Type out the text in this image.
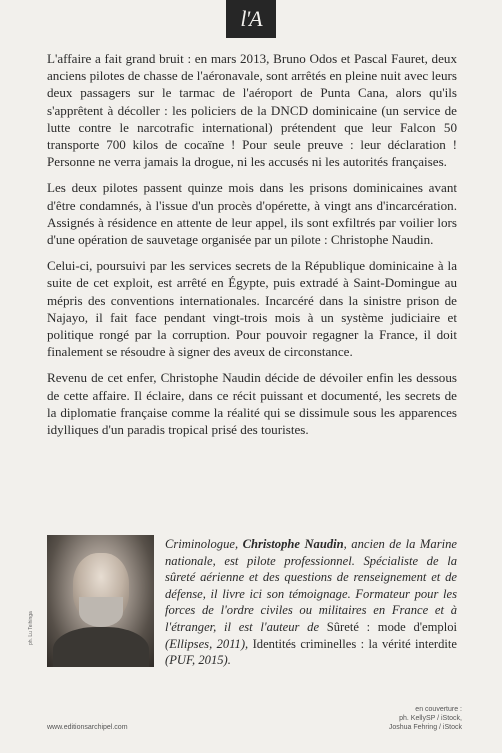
l'A

L'affaire a fait grand bruit : en mars 2013, Bruno Odos et Pascal Fauret, deux anciens pilotes de chasse de l'aéronavale, sont arrêtés en pleine nuit avec leurs deux passagers sur le tarmac de l'aéroport de Punta Cana, alors qu'ils s'apprêtent à décoller : les policiers de la DNCD dominicaine (un service de lutte contre le narcotrafic international) prétendent que leur Falcon 50 transporte 700 kilos de cocaïne ! Pour seule preuve : leur déclaration ! Personne ne verra jamais la drogue, ni les accusés ni les autorités françaises.

Les deux pilotes passent quinze mois dans les prisons dominicaines avant d'être condamnés, à l'issue d'un procès d'opérette, à vingt ans d'incarcération. Assignés à résidence en attente de leur appel, ils sont exfiltrés par voilier lors d'une opération de sauvetage organisée par un pilote : Christophe Naudin.

Celui-ci, poursuivi par les services secrets de la République dominicaine à la suite de cet exploit, est arrêté en Égypte, puis extradé à Saint-Domingue au mépris des conventions internationales. Incarcéré dans la sinistre prison de Najayo, il fait face pendant vingt-trois mois à un système judiciaire et politique rongé par la corruption. Pour pouvoir regagner la France, il doit finalement se résoudre à signer des aveux de circonstance.

Revenu de cet enfer, Christophe Naudin décide de dévoiler enfin les dessous de cette affaire. Il éclaire, dans ce récit puissant et documenté, les secrets de la diplomatie française comme la réalité qui se dissimule sous les apparences idylliques d'un paradis tropical prisé des touristes.

ph. Lu Teihinga
Criminologue, Christophe Naudin, ancien de la Marine nationale, est pilote professionnel. Spécialiste de la sûreté aérienne et des questions de renseignement et de défense, il livre ici son témoignage. Formateur pour les forces de l'ordre civiles ou militaires en France et à l'étranger, il est l'auteur de Sûreté : mode d'emploi (Ellipses, 2011), Identités criminelles : la vérité interdite (PUF, 2015).
www.editionsarchipel.com
en couverture :
ph. KellySP / iStock,
Joshua Fehring / iStock
